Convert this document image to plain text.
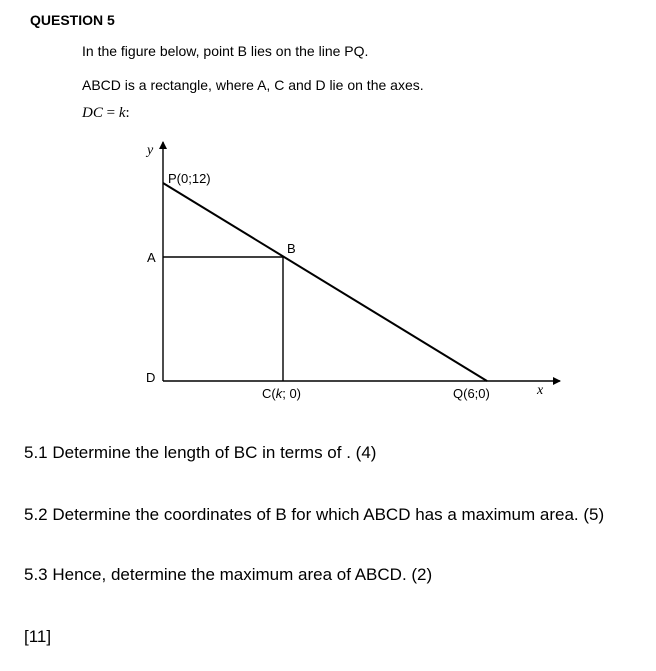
QUESTION 5
In the figure below, point B lies on the line PQ.
ABCD is a rectangle, where A, C and D lie on the axes.
DC = k:
y
x
P(0;12)
A
B
D
C(k; 0)	Q(6;0)
5.1 Determine the length of BC in terms of . (4)
5.2 Determine the coordinates of B for which ABCD has a maximum area. (5)
5.3 Hence, determine the maximum area of ABCD. (2)
[11]
